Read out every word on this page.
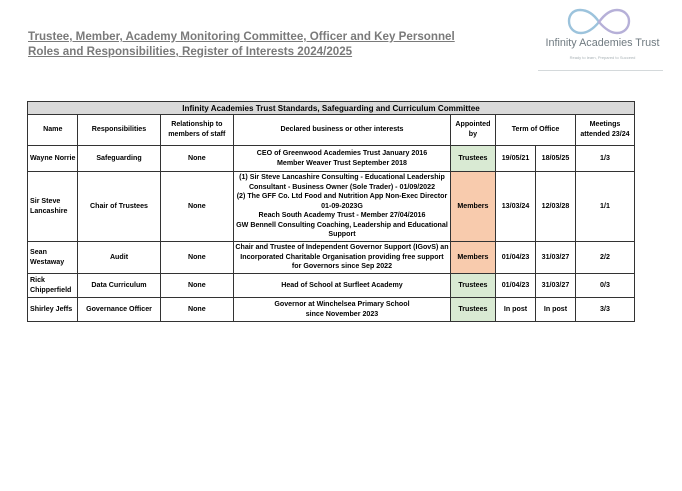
Trustee, Member, Academy Monitoring Committee, Officer and Key Personnel
Roles and Responsibilities, Register of Interests 2024/2025
Infinity Academies Trust
Ready to learn, Prepared to Succeed
Infinity Academies Trust Standards, Safeguarding and Curriculum Committee							
Name	Responsibilities	Relationship to members of staff	Declared business or other interests	Appointed by	Term of Office		Meetings attended 23/24
Wayne Norrie	Safeguarding	None	CEO of Greenwood Academies Trust January 2016
Member Weaver Trust September 2018	Trustees	19/05/21	18/05/25	1/3
Sir Steve Lancashire	Chair of Trustees	None	(1) Sir Steve Lancashire Consulting - Educational Leadership Consultant - Business Owner (Sole Trader) - 01/09/2022
(2) The GFF Co. Ltd Food and Nutrition App Non-Exec Director 01-09-2023G
Reach South Academy Trust - Member 27/04/2016
GW Bennell Consulting Coaching, Leadership and Educational Support	Members	13/03/24	12/03/28	1/1
Sean Westaway	Audit	None	Chair and Trustee of Independent Governor Support (IGovS) an Incorporated Charitable Organisation providing free support for Governors since Sep 2022	Members	01/04/23	31/03/27	2/2
Rick Chipperfield	Data Curriculum	None	Head of School at Surfleet Academy	Trustees	01/04/23	31/03/27	0/3
Shirley Jeffs	Governance Officer	None	Governor at Winchelsea Primary School
since November 2023	Trustees	In post	In post	3/3
